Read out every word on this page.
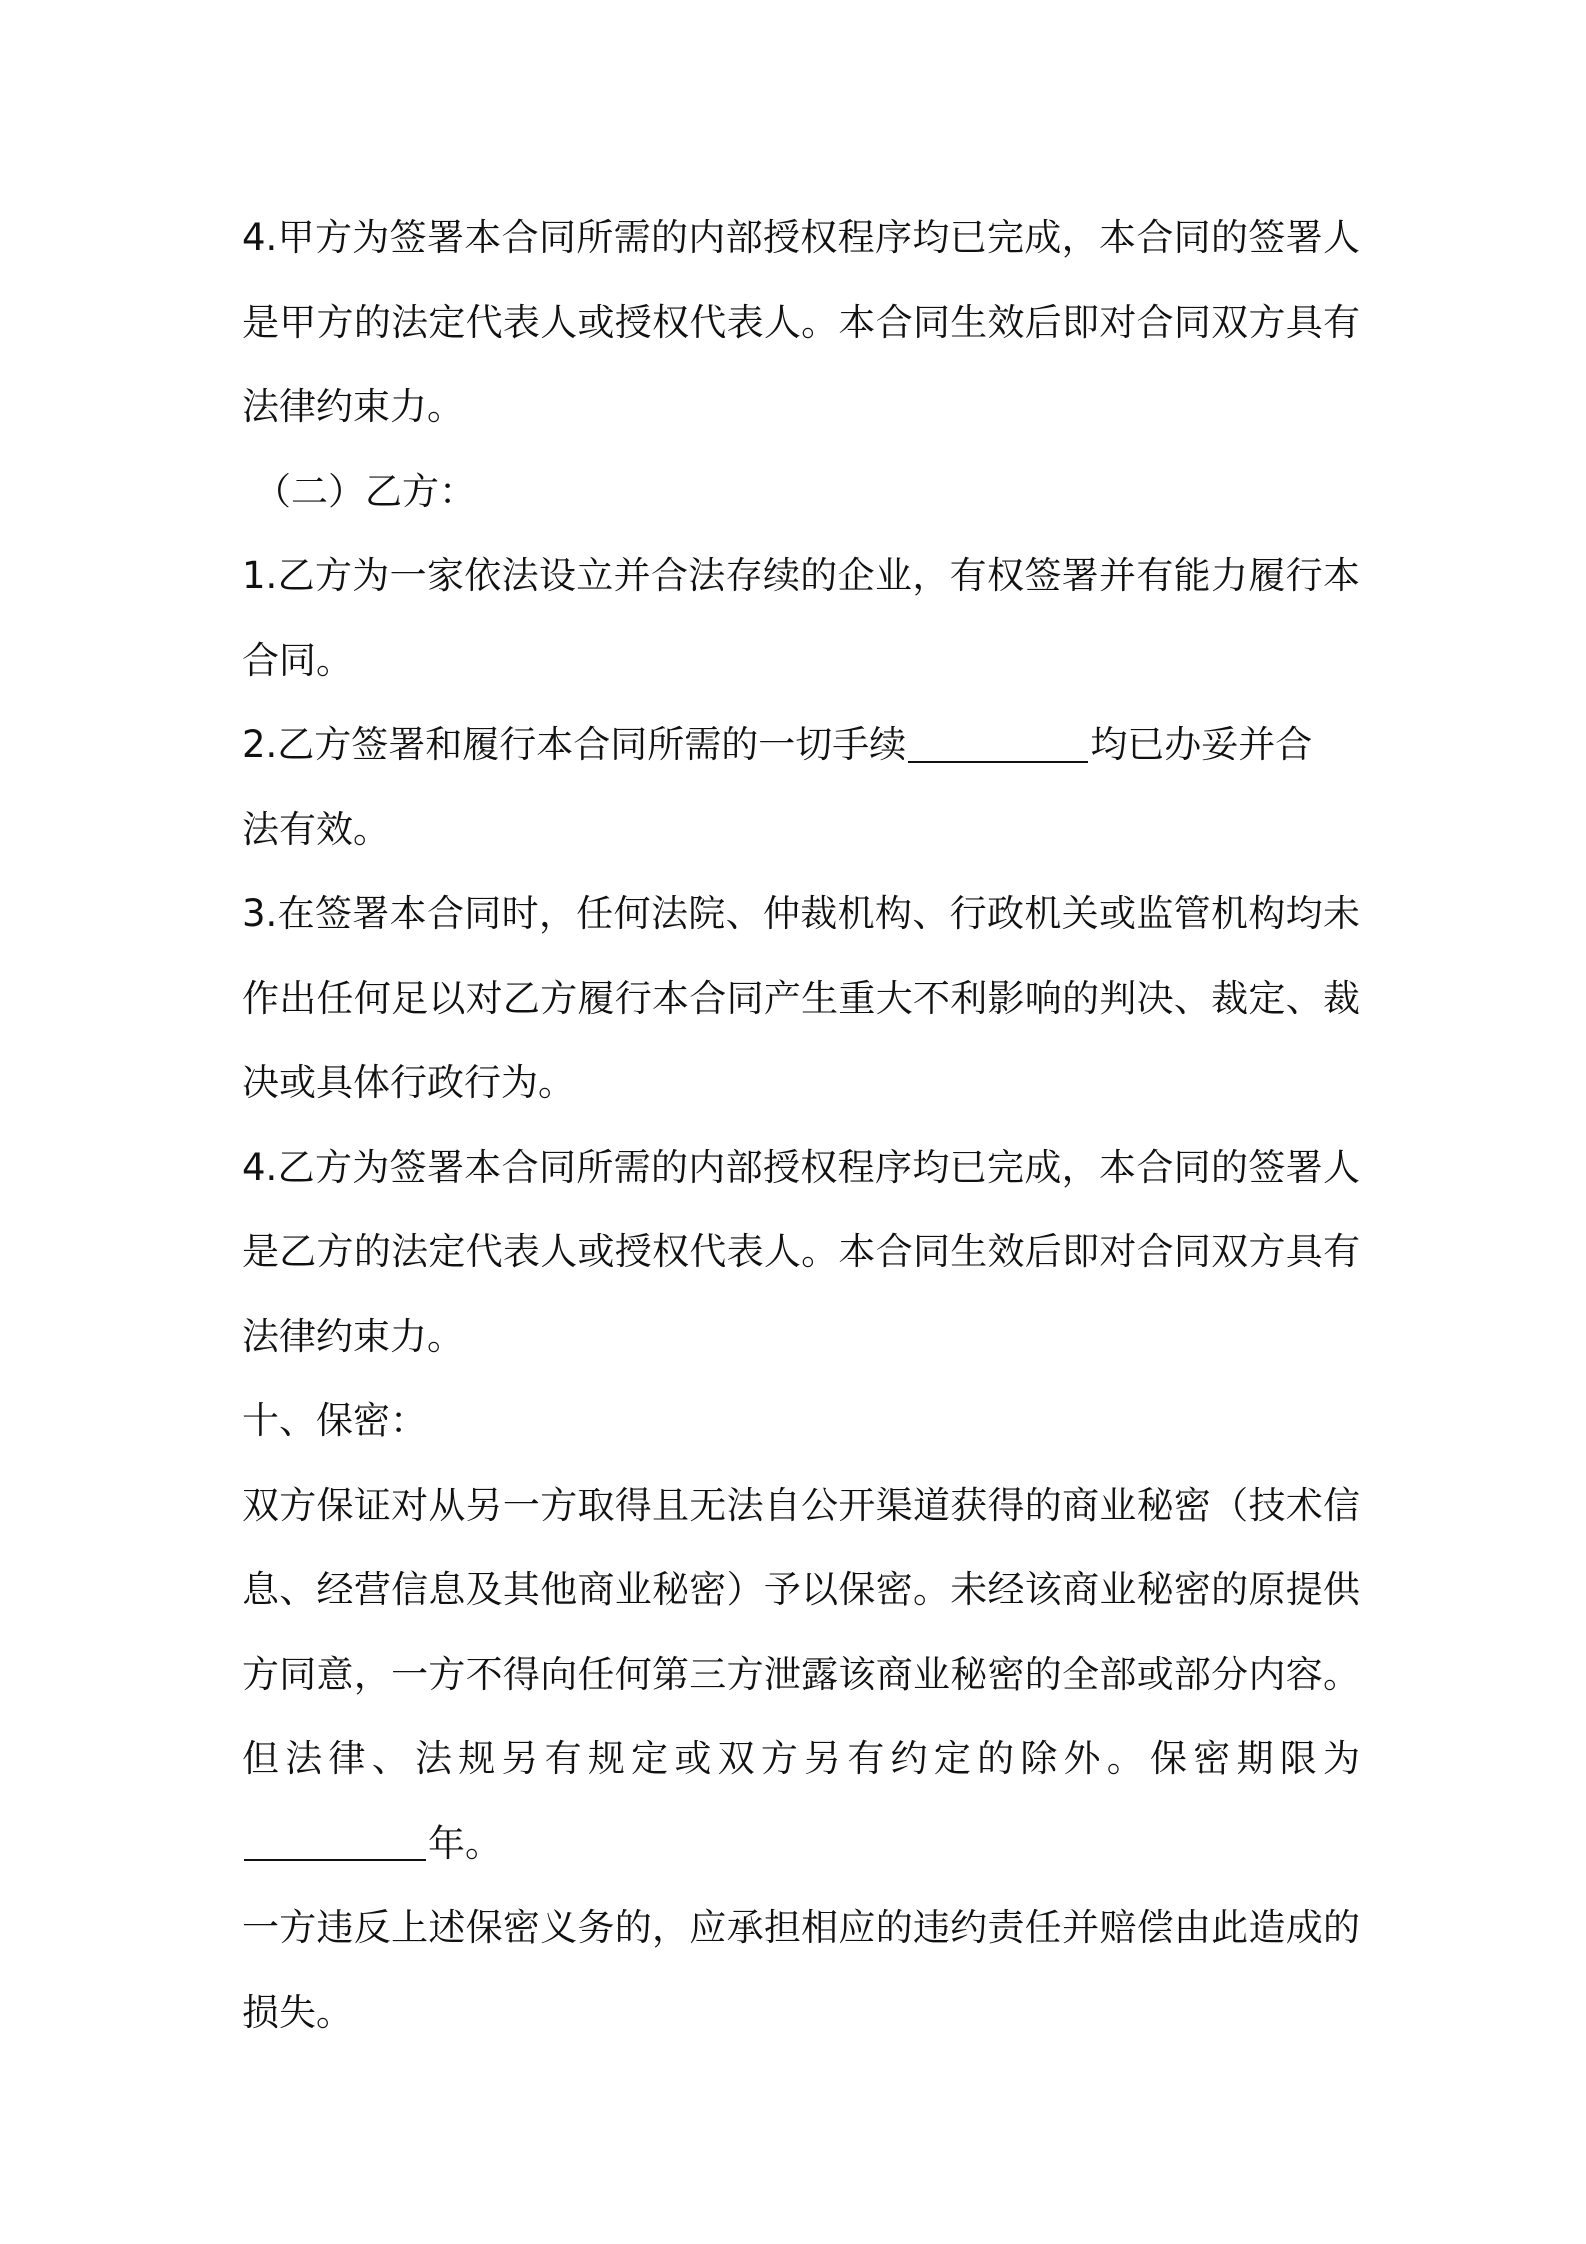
4.甲方为签署本合同所需的内部授权程序均已完成，本合同的签署人
是甲方的法定代表人或授权代表人。本合同生效后即对合同双方具有
法律约束力。
（二）乙方：
1.乙方为一家依法设立并合法存续的企业，有权签署并有能力履行本
合同。
2.乙方签署和履行本合同所需的一切手续	均已办妥并合
法有效。
3.在签署本合同时，任何法院、仲裁机构、行政机关或监管机构均未
作出任何足以对乙方履行本合同产生重大不利影响的判决、裁定、裁
决或具体行政行为。
4.乙方为签署本合同所需的内部授权程序均已完成，本合同的签署人
是乙方的法定代表人或授权代表人。本合同生效后即对合同双方具有
法律约束力。
十、保密：
双方保证对从另一方取得且无法自公开渠道获得的商业秘密（技术信
息、经营信息及其他商业秘密）予以保密。未经该商业秘密的原提供
方同意，一方不得向任何第三方泄露该商业秘密的全部或部分内容。
但法律、法规另有规定或双方另有约定的除外。保密期限为
年。
一方违反上述保密义务的，应承担相应的违约责任并赔偿由此造成的
损失。
